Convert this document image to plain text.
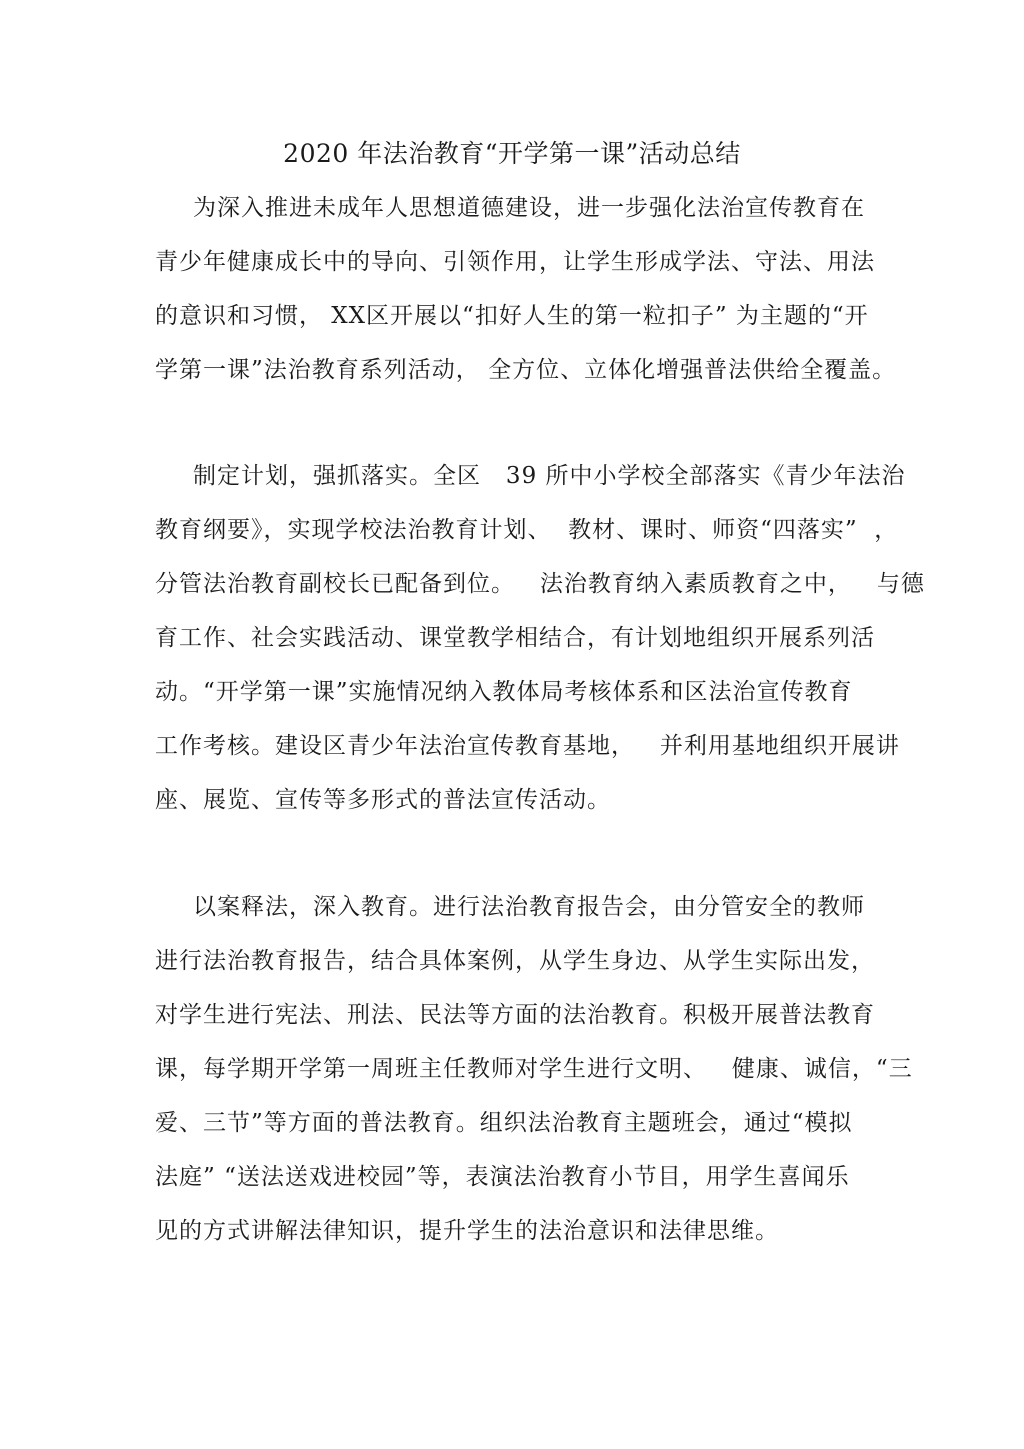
2020 年法治教育“开学第一课”活动总结
为深入推进未成年人思想道德建设，进一步强化法治宣传教育在
青少年健康成长中的导向、引领作用，让学生形成学法、守法、用法
的意识和习惯， XX区开展以“扣好人生的第一粒扣子” 为主题的“开
学第一课”法治教育系列活动， 全方位、立体化增强普法供给全覆盖。
制定计划，强抓落实。全区   39 所中小学校全部落实《青少年法治
教育纲要》，实现学校法治教育计划、  教材、课时、师资“四落实”  ，
分管法治教育副校长已配备到位。   法治教育纳入素质教育之中，   与德
育工作、社会实践活动、课堂教学相结合，有计划地组织开展系列活
动。“开学第一课”实施情况纳入教体局考核体系和区法治宣传教育
工作考核。建设区青少年法治宣传教育基地，   并利用基地组织开展讲
座、展览、宣传等多形式的普法宣传活动。
以案释法，深入教育。进行法治教育报告会，由分管安全的教师
进行法治教育报告，结合具体案例，从学生身边、从学生实际出发，
对学生进行宪法、刑法、民法等方面的法治教育。积极开展普法教育
课，每学期开学第一周班主任教师对学生进行文明、   健康、诚信，“三
爱、三节”等方面的普法教育。组织法治教育主题班会，通过“模拟
法庭” “送法送戏进校园”等，表演法治教育小节目，用学生喜闻乐
见的方式讲解法律知识，提升学生的法治意识和法律思维。
